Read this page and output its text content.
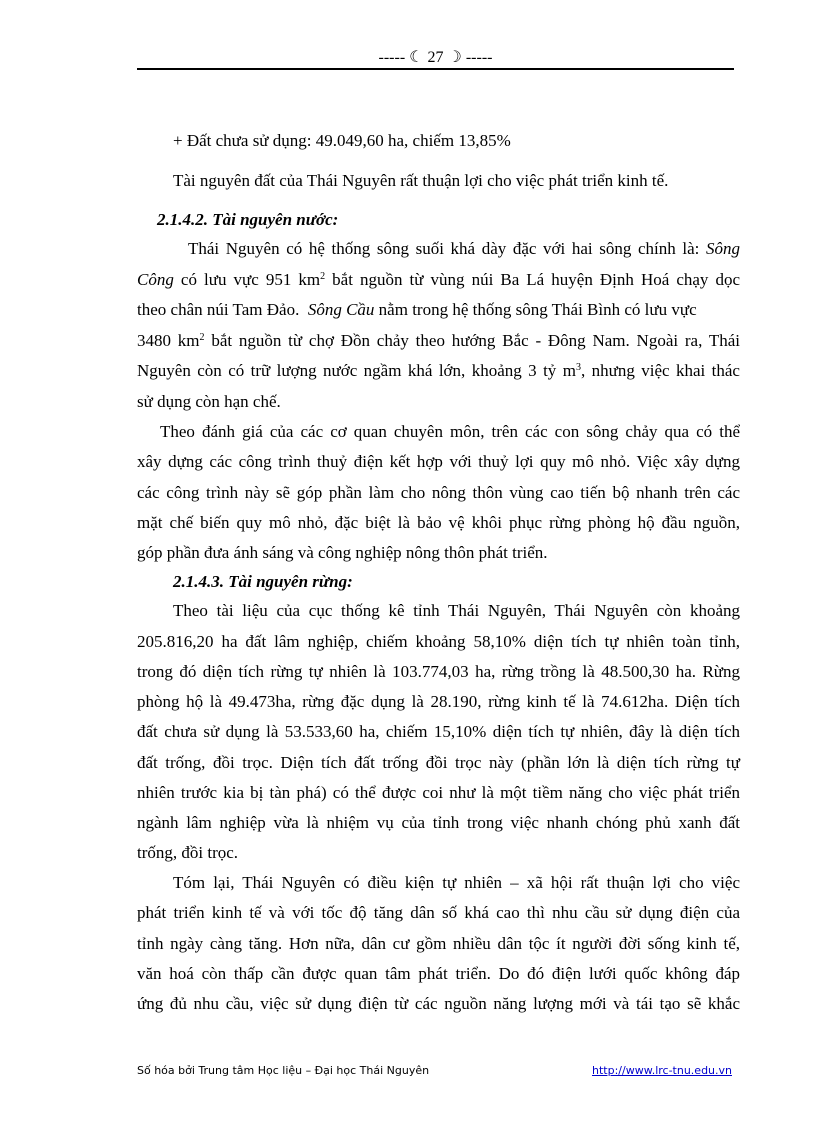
----- ☾ 27 ☽ -----
+ Đất chưa sử dụng: 49.049,60 ha, chiếm 13,85%
Tài nguyên đất của Thái Nguyên rất thuận lợi cho việc phát triển kinh tế.
2.1.4.2. Tài nguyên nước:
Thái Nguyên có hệ thống sông suối khá dày đặc với hai sông chính là: Sông
Công có lưu vực 951 $km^2$ bắt nguồn từ vùng núi Ba Lá huyện Định Hoá chạy dọc
theo chân núi Tam Đảo. Sông Cầu nằm trong hệ thống sông Thái Bình có lưu vực
3480 $km^2$ bắt nguồn từ chợ Đồn chảy theo hướng Bắc - Đông Nam. Ngoài ra, Thái
Nguyên còn có trữ lượng nước ngầm khá lớn, khoảng 3 tỷ $m^3$, nhưng việc khai thác
sử dụng còn hạn chế.
Theo đánh giá của các cơ quan chuyên môn, trên các con sông chảy qua có thể
xây dựng các công trình thuỷ điện kết hợp với thuỷ lợi quy mô nhỏ. Việc xây dựng
các công trình này sẽ góp phần làm cho nông thôn vùng cao tiến bộ nhanh trên các
mặt chế biến quy mô nhỏ, đặc biệt là bảo vệ khôi phục rừng phòng hộ đầu nguồn,
góp phần đưa ánh sáng và công nghiệp nông thôn phát triển.
2.1.4.3. Tài nguyên rừng:
Theo tài liệu của cục thống kê tỉnh Thái Nguyên, Thái Nguyên còn khoảng
205.816,20 ha đất lâm nghiệp, chiếm khoảng 58,10% diện tích tự nhiên toàn tỉnh,
trong đó diện tích rừng tự nhiên là 103.774,03 ha, rừng trồng là 48.500,30 ha. Rừng
phòng hộ là 49.473ha, rừng đặc dụng là 28.190, rừng kinh tế là 74.612ha. Diện tích
đất chưa sử dụng là 53.533,60 ha, chiếm 15,10% diện tích tự nhiên, đây là diện tích
đất trống, đồi trọc. Diện tích đất trống đồi trọc này (phần lớn là diện tích rừng tự
nhiên trước kia bị tàn phá) có thể được coi như là một tiềm năng cho việc phát triển
ngành lâm nghiệp vừa là nhiệm vụ của tỉnh trong việc nhanh chóng phủ xanh đất
trống, đồi trọc.
Tóm lại, Thái Nguyên có điều kiện tự nhiên – xã hội rất thuận lợi cho việc
phát triển kinh tế và với tốc độ tăng dân số khá cao thì nhu cầu sử dụng điện của
tỉnh ngày càng tăng. Hơn nữa, dân cư gồm nhiều dân tộc ít người đời sống kinh tế,
văn hoá còn thấp cần được quan tâm phát triển. Do đó điện lưới quốc không đáp
ứng đủ nhu cầu, việc sử dụng điện từ các nguồn năng lượng mới và tái tạo sẽ khắc
Số hóa bởi Trung tâm Học liệu – Đại học Thái Nguyên	http://www.lrc-tnu.edu.vn
